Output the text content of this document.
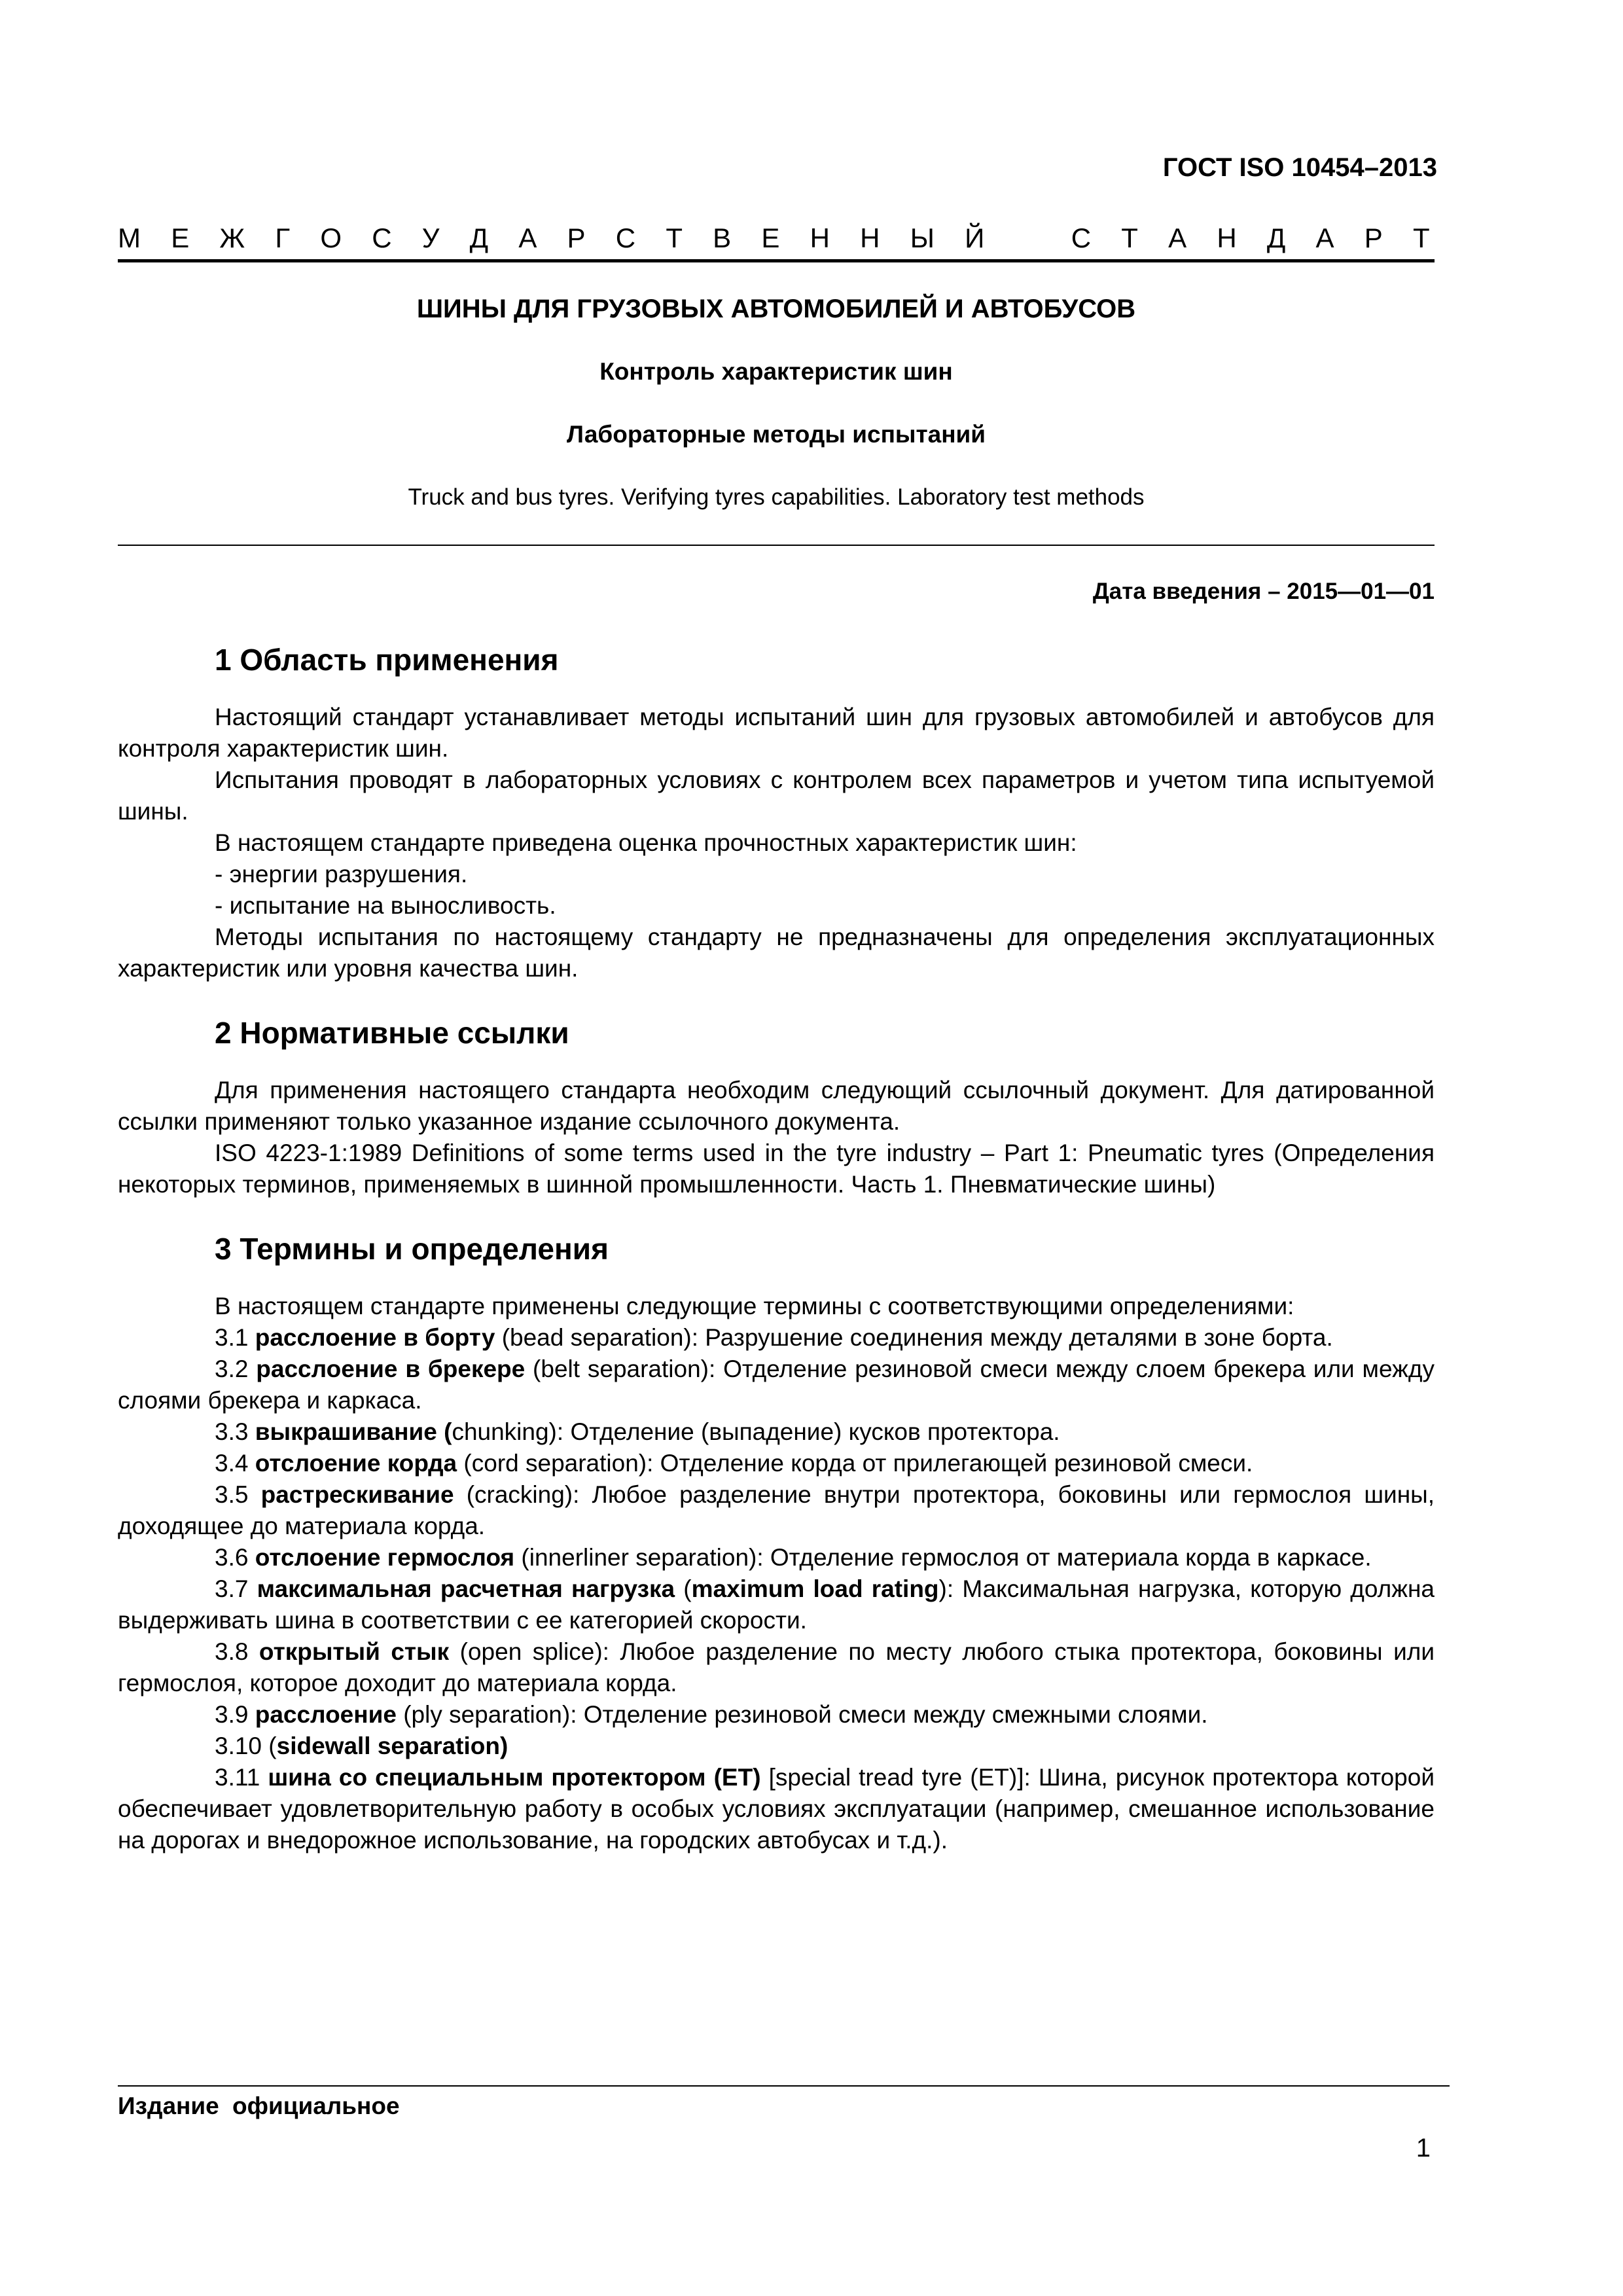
ГОСТ ISO 10454–2013
М Е Ж Г О С У Д А Р С Т В Е Н Н Ы Й	С Т А Н Д А Р Т
ШИНЫ ДЛЯ ГРУЗОВЫХ АВТОМОБИЛЕЙ И АВТОБУСОВ
Контроль характеристик шин
Лабораторные методы испытаний
Truck and bus tyres. Verifying tyres capabilities. Laboratory test methods
Дата введения – 2015—01—01
1 Область применения

Настоящий стандарт устанавливает методы испытаний шин для грузовых автомобилей и автобусов для контроля характеристик шин.

Испытания проводят в лабораторных условиях с контролем всех параметров и учетом типа испытуемой шины.

В настоящем стандарте приведена оценка прочностных характеристик шин:

- энергии разрушения.

- испытание на выносливость.

Методы испытания по настоящему стандарту не предназначены для определения эксплуатационных характеристик или уровня качества шин.

2 Нормативные ссылки

Для применения настоящего стандарта необходим следующий ссылочный документ. Для датированной ссылки применяют только указанное издание ссылочного документа.

ISO 4223-1:1989 Definitions of some terms used in the tyre industry – Part 1: Pneumatic tyres (Определения некоторых терминов, применяемых в шинной промышленности. Часть 1. Пневматические шины)

3 Термины и определения

В настоящем стандарте применены следующие термины с соответствующими определениями:

3.1 расслоение в борту (bead separation): Разрушение соединения между деталями в зоне борта.

3.2 расслоение в брекере (belt separation): Отделение резиновой смеси между слоем брекера или между слоями брекера и каркаса.

3.3 выкрашивание (chunking): Отделение (выпадение) кусков протектора.

3.4 отслоение корда (cord separation): Отделение корда от прилегающей резиновой смеси.

3.5 растрескивание (cracking): Любое разделение внутри протектора, боковины или гермослоя шины, доходящее до материала корда.

3.6 отслоение гермослоя (innerliner separation): Отделение гермослоя от материала корда в каркасе.

3.7 максимальная расчетная нагрузка (maximum load rating): Максимальная нагрузка, которую должна выдерживать шина в соответствии с ее категорией скорости.

3.8 открытый стык (open splice): Любое разделение по месту любого стыка протектора, боковины или гермослоя, которое доходит до материала корда.

3.9 расслоение (ply separation): Отделение резиновой смеси между смежными слоями.

3.10 (sidewall separation)

3.11 шина со специальным протектором (ET) [special tread tyre (ET)]: Шина, рисунок протектора которой обеспечивает удовлетворительную работу в особых условиях эксплуатации (например, смешанное использование на дорогах и внедорожное использование, на городских автобусах и т.д.).

Издание официальное
1
